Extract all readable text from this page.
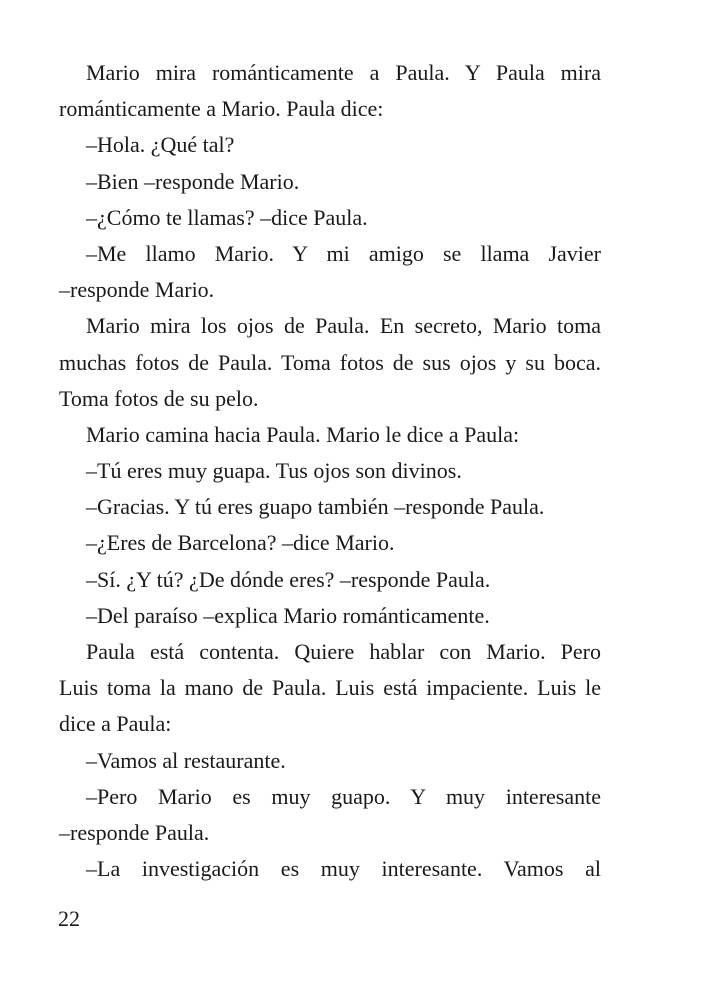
Mario mira románticamente a Paula. Y Paula mira
románticamente a Mario. Paula dice:
–Hola. ¿Qué tal?
–Bien –responde Mario.
–¿Cómo te llamas? –dice Paula.
–Me llamo Mario. Y mi amigo se llama Javier
–responde Mario.
Mario mira los ojos de Paula. En secreto, Mario toma
muchas fotos de Paula. Toma fotos de sus ojos y su boca.
Toma fotos de su pelo.
Mario camina hacia Paula. Mario le dice a Paula:
–Tú eres muy guapa. Tus ojos son divinos.
–Gracias. Y tú eres guapo también –responde Paula.
–¿Eres de Barcelona? –dice Mario.
–Sí. ¿Y tú? ¿De dónde eres? –responde Paula.
–Del paraíso –explica Mario románticamente.
Paula está contenta. Quiere hablar con Mario. Pero
Luis toma la mano de Paula. Luis está impaciente. Luis le
dice a Paula:
–Vamos al restaurante.
–Pero Mario es muy guapo. Y muy interesante
–responde Paula.
–La investigación es muy interesante. Vamos al
22
